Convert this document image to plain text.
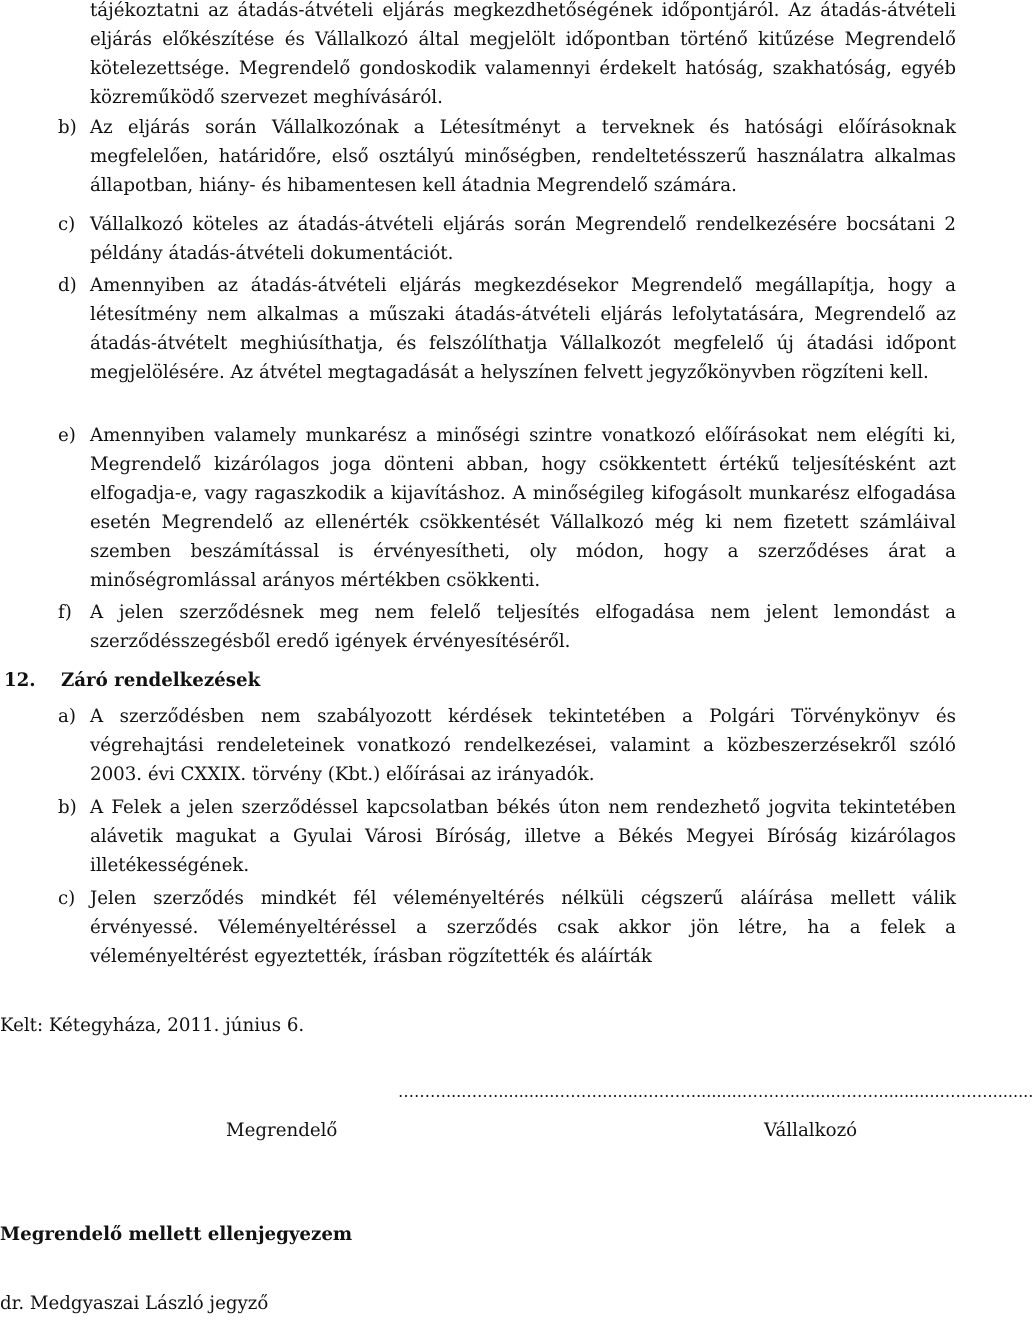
tájékoztatni az átadás-átvételi eljárás megkezdhetőségének időpontjáról. Az átadás-átvételi eljárás előkészítése és Vállalkozó által megjelölt időpontban történő kitűzése Megrendelő kötelezettsége. Megrendelő gondoskodik valamennyi érdekelt hatóság, szakhatóság, egyéb közreműködő szervezet meghívásáról.

b) Az eljárás során Vállalkozónak a Létesítményt a terveknek és hatósági előírásoknak megfelelően, határidőre, első osztályú minőségben, rendeltetésszerű használatra alkalmas állapotban, hiány- és hibamentesen kell átadnia Megrendelő számára.

c) Vállalkozó köteles az átadás-átvételi eljárás során Megrendelő rendelkezésére bocsátani 2 példány átadás-átvételi dokumentációt.

d) Amennyiben az átadás-átvételi eljárás megkezdésekor Megrendelő megállapítja, hogy a létesítmény nem alkalmas a műszaki átadás-átvételi eljárás lefolytatására, Megrendelő az átadás-átvételt meghiúsíthatja, és felszólíthatja Vállalkozót megfelelő új átadási időpont megjelölésére. Az átvétel megtagadását a helyszínen felvett jegyzőkönyvben rögzíteni kell.

e) Amennyiben valamely munkarész a minőségi szintre vonatkozó előírásokat nem elégíti ki, Megrendelő kizárólagos joga dönteni abban, hogy csökkentett értékű teljesítésként azt elfogadja-e, vagy ragaszkodik a kijavításhoz. A minőségileg kifogásolt munkarész elfogadása esetén Megrendelő az ellenérték csökkentését Vállalkozó még ki nem fizetett számláival szemben beszámítással is érvényesítheti, oly módon, hogy a szerződéses árat a minőségromlással arányos mértékben csökkenti.

f) A jelen szerződésnek meg nem felelő teljesítés elfogadása nem jelent lemondást a szerződésszegésből eredő igények érvényesítéséről.

12. Záró rendelkezések
a) A szerződésben nem szabályozott kérdések tekintetében a Polgári Törvénykönyv és végrehajtási rendeleteinek vonatkozó rendelkezései, valamint a közbeszerzésekről szóló 2003. évi CXXIX. törvény (Kbt.) előírásai az irányadók.

b) A Felek a jelen szerződéssel kapcsolatban békés úton nem rendezhető jogvita tekintetében alávetik magukat a Gyulai Városi Bíróság, illetve a Békés Megyei Bíróság kizárólagos illetékességének.

c) Jelen szerződés mindkét fél véleményeltérés nélküli cégszerű aláírása mellett válik érvényessé. Véleményeltéréssel a szerződés csak akkor jön létre, ha a felek a véleményeltérést egyeztették, írásban rögzítették és aláírták

Kelt: Kétegyháza, 2011. június 6.
………....……...........……….........……….........……….........………...........……….........
Megrendelő	Vállalkozó
Megrendelő mellett ellenjegyezem
dr. Medgyaszai László jegyző
